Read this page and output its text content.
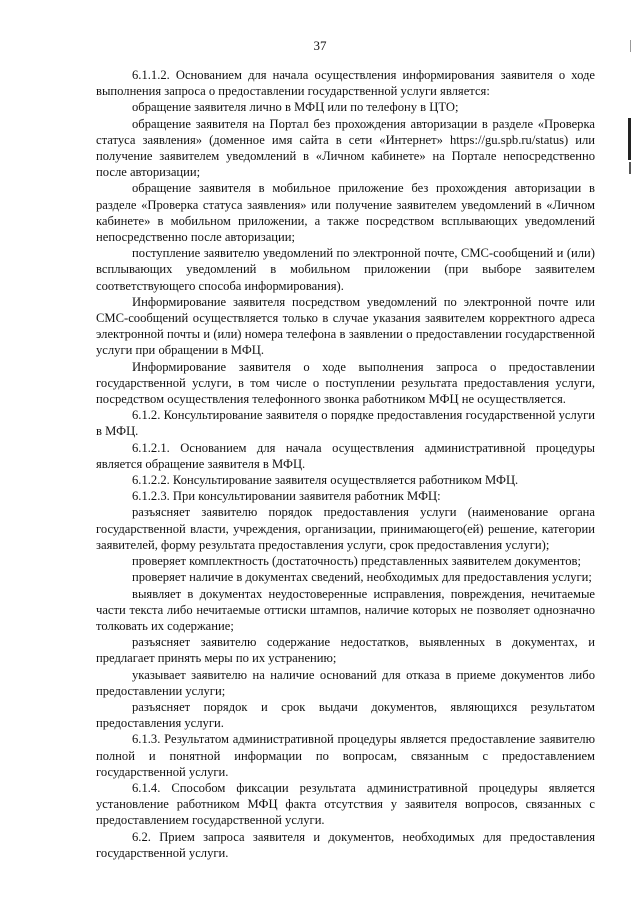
37

6.1.1.2. Основанием для начала осуществления информирования заявителя о ходе выполнения запроса о предоставлении государственной услуги является:

обращение заявителя лично в МФЦ или по телефону в ЦТО;

обращение заявителя на Портал без прохождения авторизации в разделе «Проверка статуса заявления» (доменное имя сайта в сети «Интернет» https://gu.spb.ru/status) или получение заявителем уведомлений в «Личном кабинете» на Портале непосредственно после авторизации;

обращение заявителя в мобильное приложение без прохождения авторизации в разделе «Проверка статуса заявления» или получение заявителем уведомлений в «Личном кабинете» в мобильном приложении, а также посредством всплывающих уведомлений непосредственно после авторизации;

поступление заявителю уведомлений по электронной почте, СМС-сообщений и (или) всплывающих уведомлений в мобильном приложении (при выборе заявителем соответствующего способа информирования).

Информирование заявителя посредством уведомлений по электронной почте или СМС-сообщений осуществляется только в случае указания заявителем корректного адреса электронной почты и (или) номера телефона в заявлении о предоставлении государственной услуги при обращении в МФЦ.

Информирование заявителя о ходе выполнения запроса о предоставлении государственной услуги, в том числе о поступлении результата предоставления услуги, посредством осуществления телефонного звонка работником МФЦ не осуществляется.

6.1.2. Консультирование заявителя о порядке предоставления государственной услуги в МФЦ.

6.1.2.1. Основанием для начала осуществления административной процедуры является обращение заявителя в МФЦ.

6.1.2.2. Консультирование заявителя осуществляется работником МФЦ.

6.1.2.3. При консультировании заявителя работник МФЦ:

разъясняет заявителю порядок предоставления услуги (наименование органа государственной власти, учреждения, организации, принимающего(ей) решение, категории заявителей, форму результата предоставления услуги, срок предоставления услуги);

проверяет комплектность (достаточность) представленных заявителем документов;

проверяет наличие в документах сведений, необходимых для предоставления услуги;

выявляет в документах неудостоверенные исправления, повреждения, нечитаемые части текста либо нечитаемые оттиски штампов, наличие которых не позволяет однозначно толковать их содержание;

разъясняет заявителю содержание недостатков, выявленных в документах, и предлагает принять меры по их устранению;

указывает заявителю на наличие оснований для отказа в приеме документов либо предоставлении услуги;

разъясняет порядок и срок выдачи документов, являющихся результатом предоставления услуги.

6.1.3. Результатом административной процедуры является предоставление заявителю полной и понятной информации по вопросам, связанным с предоставлением государственной услуги.

6.1.4. Способом фиксации результата административной процедуры является установление работником МФЦ факта отсутствия у заявителя вопросов, связанных с предоставлением государственной услуги.

6.2. Прием запроса заявителя и документов, необходимых для предоставления государственной услуги.
